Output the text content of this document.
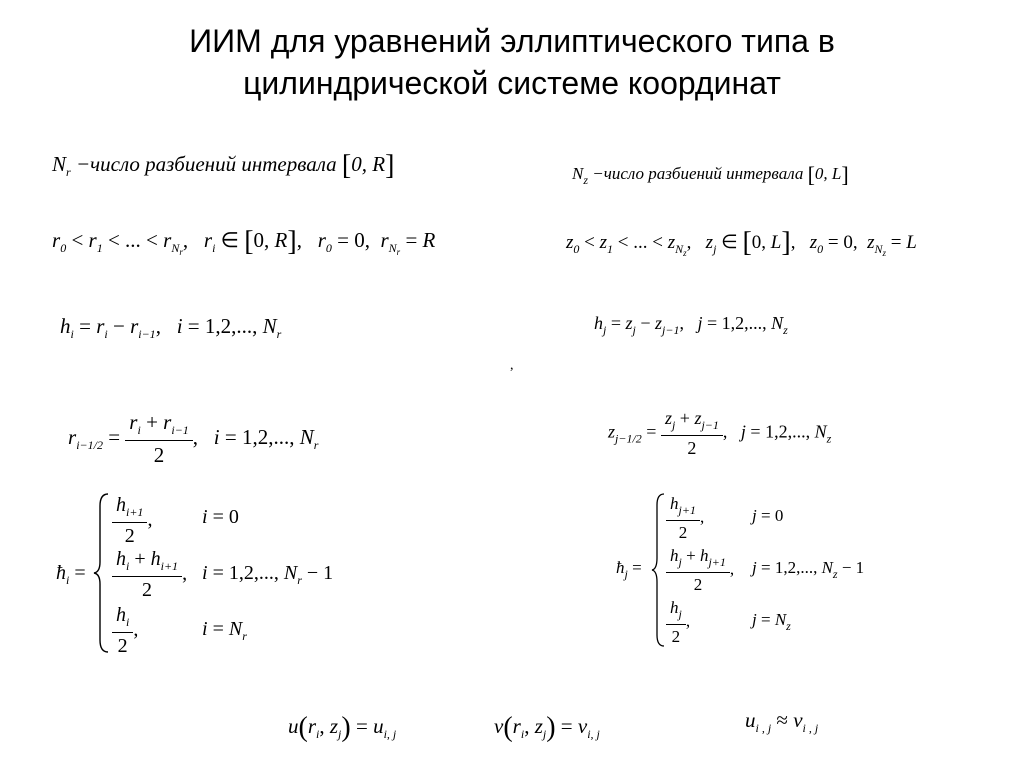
ИИМ для уравнений эллиптического типа в
цилиндрической системе координат
$N_r$ −число разбиений интервала [0, R]
$r_0 < r_1$ < ... < $r_{N_r}$,   $r_i$ ∈ [0, R],   $r_0 = 0$,  $r_{N_r} = R$
$h_i = r_i - r_{i-1}$,   i = 1,2,..., $N_r$
,
$r_{i-1/2} = \frac{r_i + r_{i-1}}{2}$ ,   i = 1,2,..., $N_r$
$ħ_i$ =
$\frac{h_{i+1}}{2}$ , i = 0
$\frac{h_i + h_{i+1}}{2}$ , i = 1,2,..., $N_r - 1$
$\frac{h_i}{2}$ ,	$i = N_r$
$u(r_i$, $z_j) = u_{i, j}$	$v(r_i$, $z_j) = v_{i, j}$
$u_{i , j} \approx v_{i , j}$
$N_z$ −число разбиений интервала [0, L]
$z_0 < z_1$ < ... < $z_{N_z}$,   $z_j$ ∈ [0, L],   $z_0 = 0$,  $z_{N_z} = L$
$h_j = z_j - z_{j-1}$,   j = 1,2,..., $N_z$
$z_{j-1/2} = \frac{z_j + z_{j-1}}{2}$ ,   j = 1,2,..., $N_z$
$ħ_j$ =
$\frac{h_{j+1}}{2}$ ,	j = 0
$\frac{h_j + h_{j+1}}{2}$ , j = 1,2,..., $N_z - 1$
$\frac{h_j}{2}$ ,	$j = N_z$
